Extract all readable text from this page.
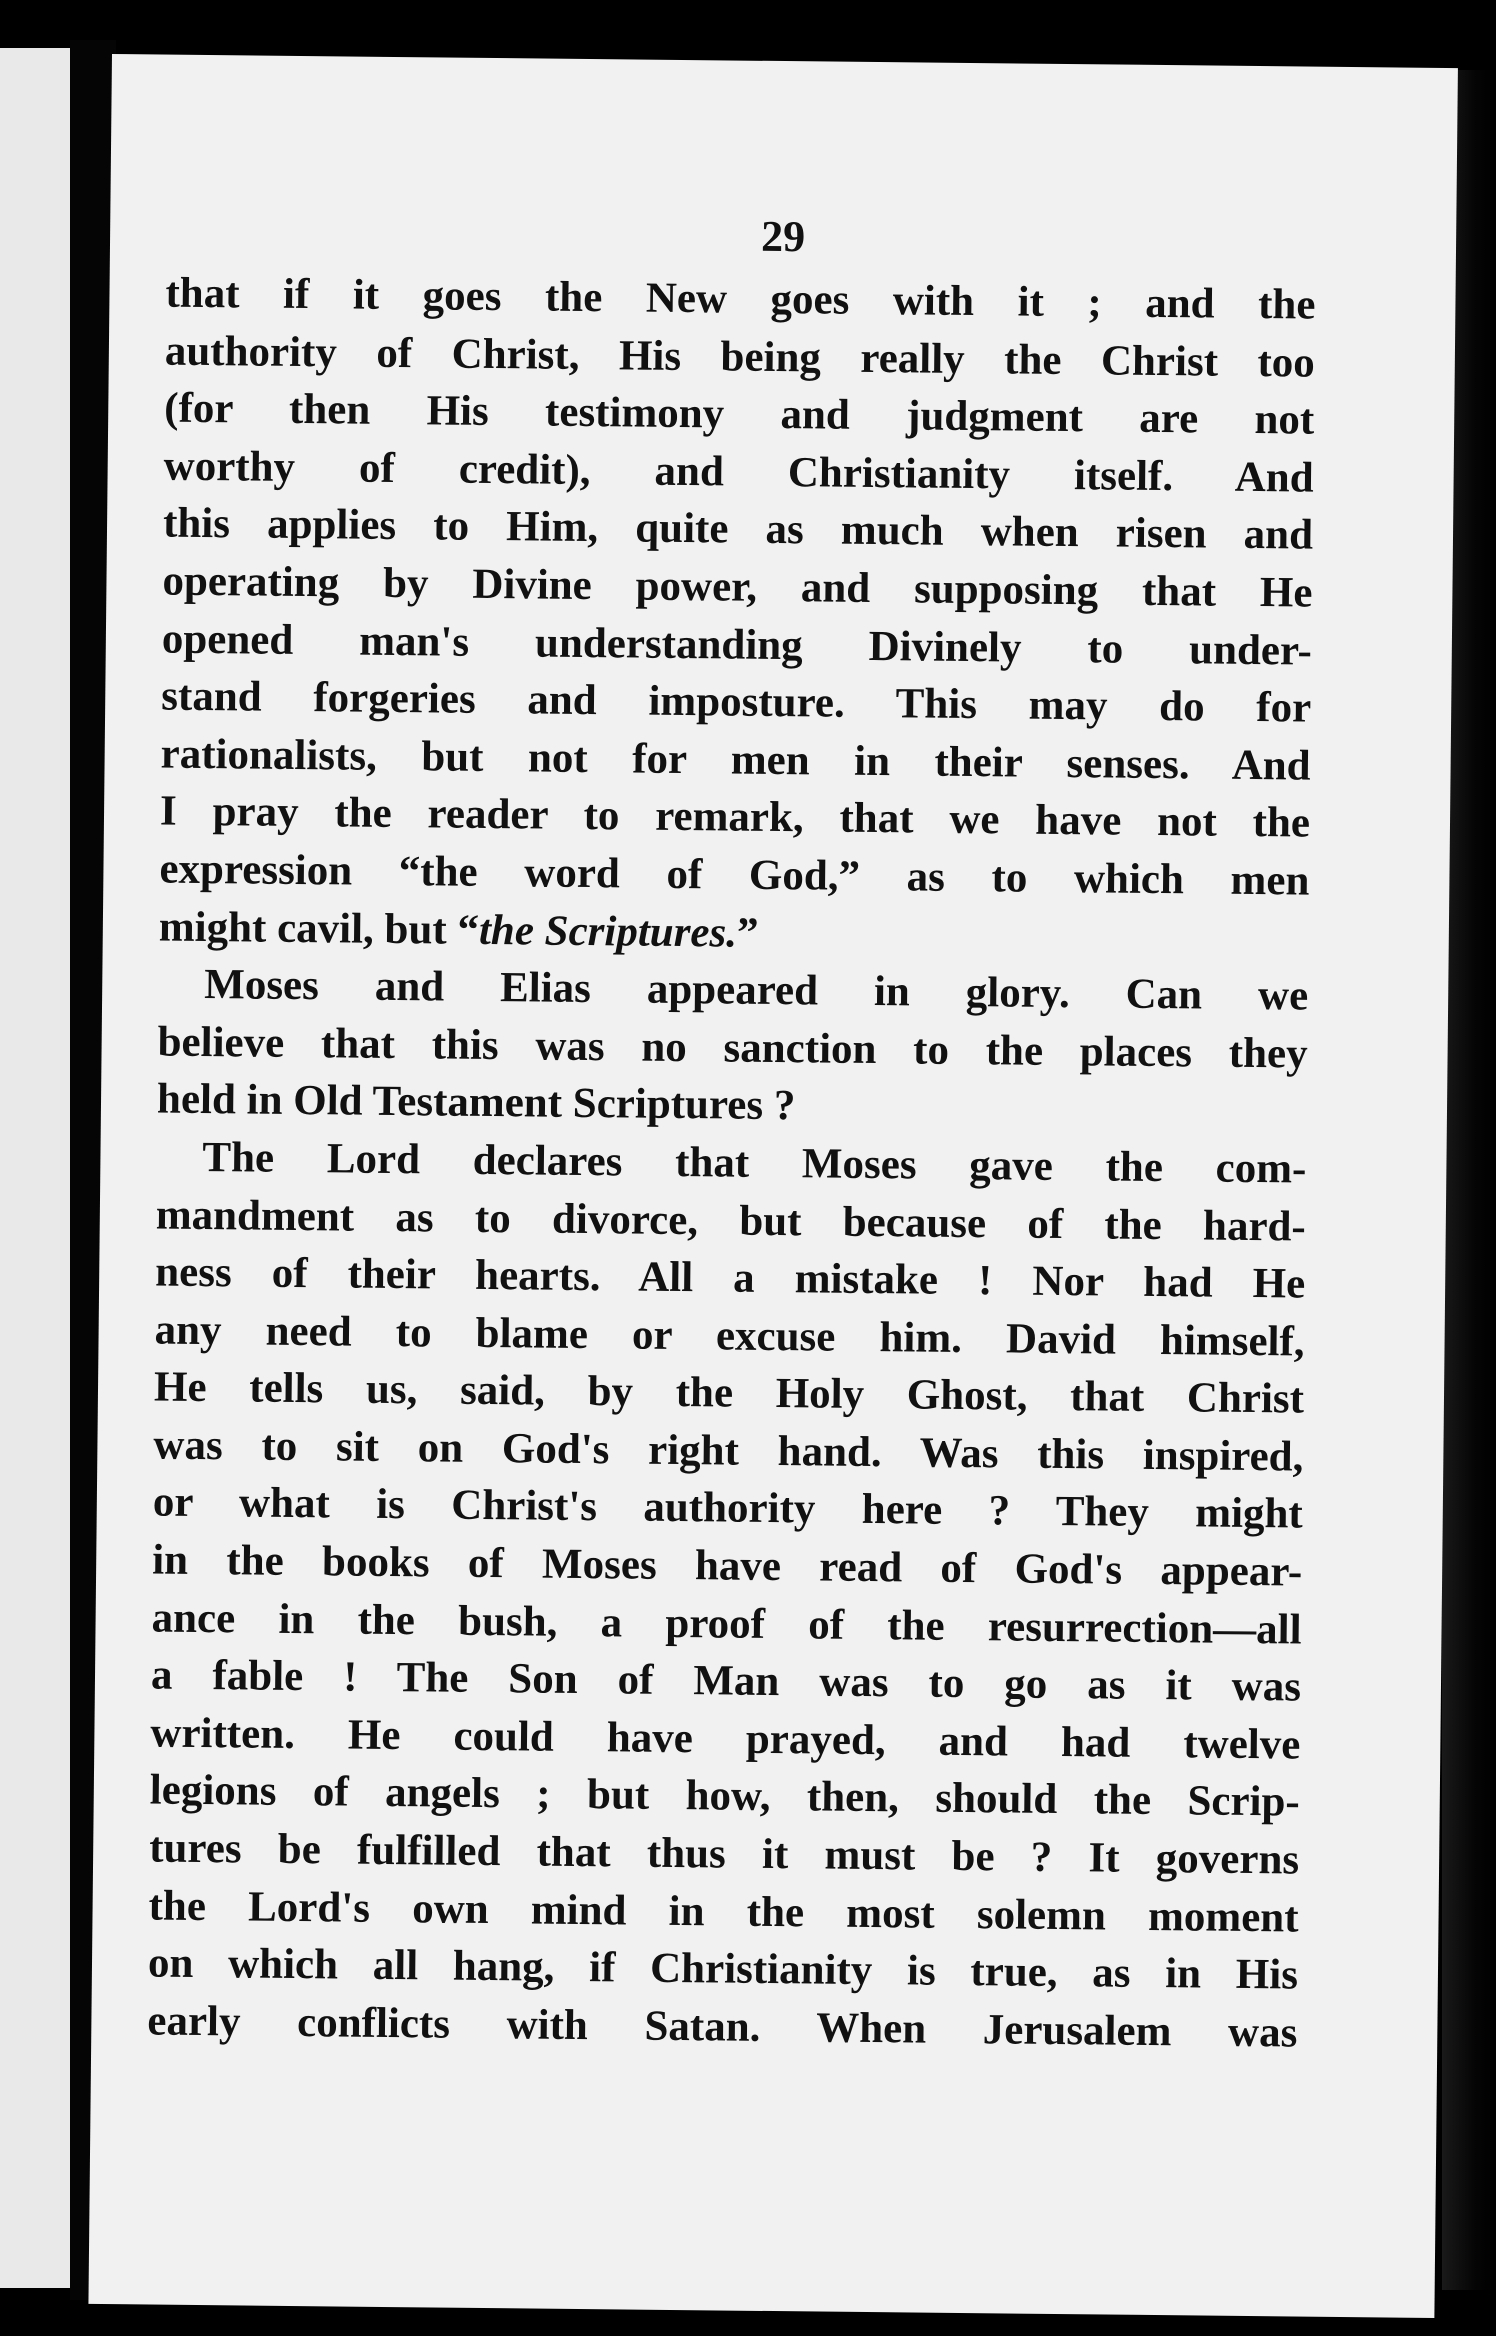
29
that if it goes the New goes with it ; and the
authority of Christ, His being really the Christ too
(for then His testimony and judgment are not
worthy of credit), and Christianity itself. And
this applies to Him, quite as much when risen and
operating by Divine power, and supposing that He
opened man's understanding Divinely to under-
stand forgeries and imposture. This may do for
rationalists, but not for men in their senses. And
I pray the reader to remark, that we have not the
expression “the word of God,” as to which men
might cavil, but “the Scriptures.”
Moses and Elias appeared in glory. Can we
believe that this was no sanction to the places they
held in Old Testament Scriptures ?
The Lord declares that Moses gave the com-
mandment as to divorce, but because of the hard-
ness of their hearts. All a mistake ! Nor had He
any need to blame or excuse him. David himself,
He tells us, said, by the Holy Ghost, that Christ
was to sit on God's right hand. Was this inspired,
or what is Christ's authority here ? They might
in the books of Moses have read of God's appear-
ance in the bush, a proof of the resurrection—all
a fable ! The Son of Man was to go as it was
written. He could have prayed, and had twelve
legions of angels ; but how, then, should the Scrip-
tures be fulfilled that thus it must be ? It governs
the Lord's own mind in the most solemn moment
on which all hang, if Christianity is true, as in His
early conflicts with Satan. When Jerusalem was
